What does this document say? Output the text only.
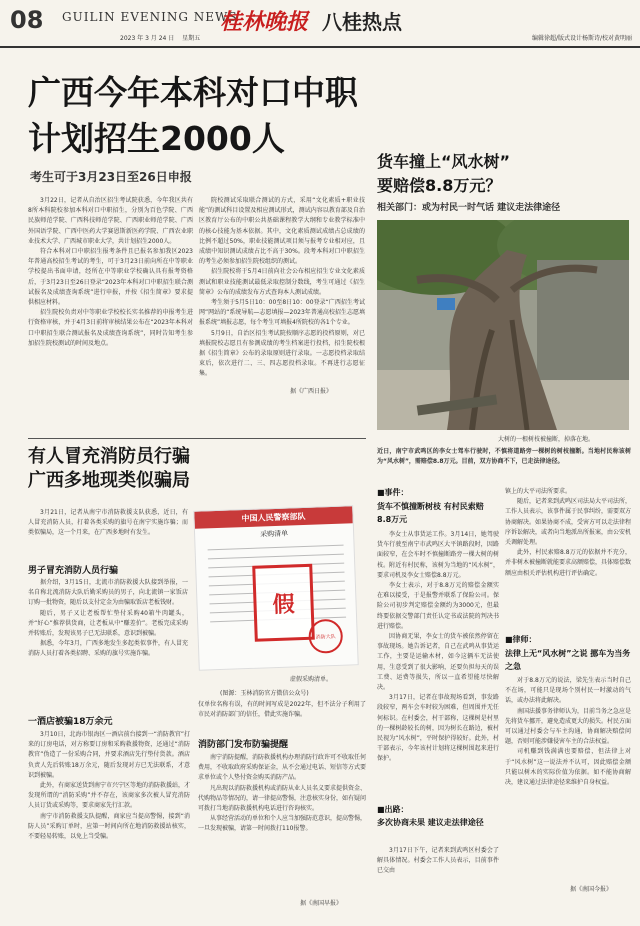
08 GUILIN EVENING NEWS
2023 年 3 月 24 日 　星期五
桂林晚报 八桂热点
编辑徐超/版式设计杨斯诗/校对黄明丽
广西今年本科对口中职
计划招生2000人
考生可于3月23日至26日申报

3月22日，记者从自治区招生考试院获悉，今年我区共有8所本科院校参加本科对口中职招生，分别为百色学院、广西民族师范学院、广西科技师范学院、广西职业师范学院、广西外国语学院、广西中医药大学赛恩斯新医药学院、广西农业职业技术大学、广西城市职业大学，共计划招生2000人。

符合本科对口中职招生报考条件且已报名参加我区2023年普通高校招生考试的考生，可于3月23日前向所在中等职业学校提出书面申请，经所在中等职业学校确认具有报考资格后，于3月23日至26日登录“2023年本科对口中职招生联合测试报名及成绩查询系统”进行申报，并按《招生简章》要求提供相应材料。

招生院校负责对中等职业学校校长实名推荐的申报考生进行资格审核，并于4月3日前将审核结果公布在“2023年本科对口中职招生联合测试报名及成绩查询系统”，同时告知考生参加招生院校测试的时间及地点。

院校测试采取联合测试的方式，采用“文化素质+职业技能”的测试科目设置及相应测试形式，测试内容以教育部及自治区教育厅公布的中职公共基础课程教学大纲和专业教学标准中的核心技能为基本依据。其中，文化素质测试成绩占总成绩的比例不超过50%，职业技能测试项目须与报考专业相对应，且成绩中知识测试成绩占比不高于30%。段考本科对口中职招生的考生必须参加招生院校组织的测试。

招生院校将于5月4日前向社会公布相应招生专业文化素质测试和职业技能测试最低录取控制分数线，考生可通过《招生简章》公布的成绩发布方式查询本人测试成绩。

考生须于5月5日10：00至8日10：00登录“广西招生考试网”网站的“系统导航—志愿填报—2023年普通高校招生志愿填报系统”填报志愿，每个考生可填报4所院校的各1个专业。

5月9日，自治区招生考试院按顺序志愿的投档原则，对已填报院校志愿且有参测成绩的考生档案进行投档，招生院校根据《招生简章》公布的录取原则进行录取。一志愿投档录取结束后，依次进行二、三、四志愿投档录取。不再进行志愿征集。

据《广西日报》
货车撞上“风水树”
要赔偿8.8万元？
相关部门：或为村民一时气话 建议走法律途径
大树的一根树枝被撞断，掉落在地。
近日，南宁市武鸣区的李女士驾车行驶时，不慎将道路旁一棵树的树枝撞断。当地村民称该树为“风水树”，需赔偿8.8万元。目前，双方协商不下，已走法律途径。
■事件：
货车不慎撞断树枝 有村民索赔8.8万元

李女士从事货运工作。3月14日，她驾驶货车行驶至南宁市武鸣区大平镇路段时，因路面较窄，在会车时不慎撞断路旁一棵大树的树枝。附近有村民称，该树为当地的“风水树”，要求司机及李女士赔偿8.8万元。

李女士表示，对于8.8万元的赔偿金额实在难以接受，于是报警并联系了保险公司。保险公司初步判定赔偿金额约为3000元，但最终要依据交警部门责任认定书或法院的判决书进行赔偿。

因协商无果，李女士的货车被依然停留在事故现场。她告诉记者，自己在武鸣从事货运工作，主要是运输木材，如今这辆车无法使用，生意受到了很大影响，还要负担每天的误工费、运费等损失，所以一直希望能尽快解决。

3月17日，记者在事故现场看到，事发路段较窄，两车会车时较为困难，但周围并无任何标识。在村委会，村干部称，这棵树是村里的一棵树龄较长的树，因为树长在路边，被村民视为“风水树”，平时保护得较好。此外，村干部表示，今年该村计划将这棵树围起来进行保护。

■出路：
多次协商未果 建议走法律途径

3月17日下午，记者来到武鸣区村委会了解具体情况。村委会工作人员表示，目前事件已交由

镇上的大平司法所要求。

随后，记者来到武鸣区司法局大平司法所，工作人员表示，该事件属于民事纠纷，需要双方协商解决。如果协商不成，受害方可以走法律程序诉讼解决，或者向当地派出所报案，由公安机关调解处理。

此外，村民索赔8.8万元的依据并不充分，并非树木被撞断就能要求高额赔偿，具体赔偿数额应由相关评估机构进行评估确定。

■律师：
法律上无“风水树”之说 挪车为当务之急

对于8.8万元的说法，梁先生表示当时自己不在场，可能只是现场个别村民一时激动的气话，或办法将此解决。

南国法援事务律师认为，目前当务之急应是先将货车挪开，避免造成更大的损失。村民方面可以通过村委会与车主沟通，协商解决赔偿问题，否则可能涉嫌侵害车主的合法权益。

司机赚到钱满满也要赔偿，但法律上对于“风水树”这一说法并不认可，因此赔偿金额只能以树木的实际价值为依据。如不能协商解决，建议通过法律途径来维护自身权益。

据《南国今报》
有人冒充消防员行骗
广西多地现类似骗局

3月21日，记者从南宁市消防救援支队获悉，近日，有人冒充消防人员，打着各类采购的旗号在南宁实施诈骗；而类似骗局，这一个月来，在广西多地时有发生。

男子冒充消防人员行骗

据介绍，3月15日，北流市消防救援大队接到举报，一名自称北流消防大队后勤采购员的男子，向北流镇一家饭店订购一批物资，随后以支付定金为由骗取饭店老板钱财。

随后，男子又让老板帮忙垫付采购40箱牛肉罐头，并“好心”推荐供货商，让老板从中“赚差价”。老板完成采购并转账后，发现该男子已无法联系，意识到被骗。

据悉，今年3月，广西多地发生多起类似事件，有人冒充消防人员打着各类招聘、采购的旗号实施诈骗。

一酒店被骗18万余元

3月10日，北海市银海区一酒店前台接到一“消防教官”打来的订房电话，对方称要订房和采购救援物资，还通过“消防教官”伪造了一份采购合同，并要求酒店先行垫付货款。酒店负责人先后转账18万余元，随后发现对方已无法联系，才意识到被骗。

此外，有商家送货到南宁市兴宁区等地的消防救援站，才发现所谓的“消防采购”并不存在，该商家多次被人冒充消防人员订货或采购等，要求商家先行汇款。

南宁市消防救援支队提醒，商家应当提高警惕，接到“消防人员”采购订单时，应第一时间向所在地消防救援站核实，不要轻易转账，以免上当受骗。

中国人民警察部队
采购清单
假
消防大队
虚假采购清单。
(图源：玉林消防官方微信公众号)

仅单位名称有误，有的时间写成是2022年，但不法分子利用了市民对消防部门的信任，借此实施诈骗。

消防部门发布防骗提醒

南宁消防提醒，消防救援机构办理消防行政许可不收取任何费用，不收取政府采购保证金，从不会通过电话、短信等方式要求单位或个人垫付资金购买消防产品。

凡出现以消防救援机构或消防从业人员名义要求提供资金、代购物品等情况的，请一律提高警惕，注意核实身份，如有疑问可拨打当地消防救援机构电话进行咨询核实。

从事经营活动的单位和个人应当加强防范意识，提高警惕，一旦发现被骗，请第一时间拨打110报警。

据《南国早报》
